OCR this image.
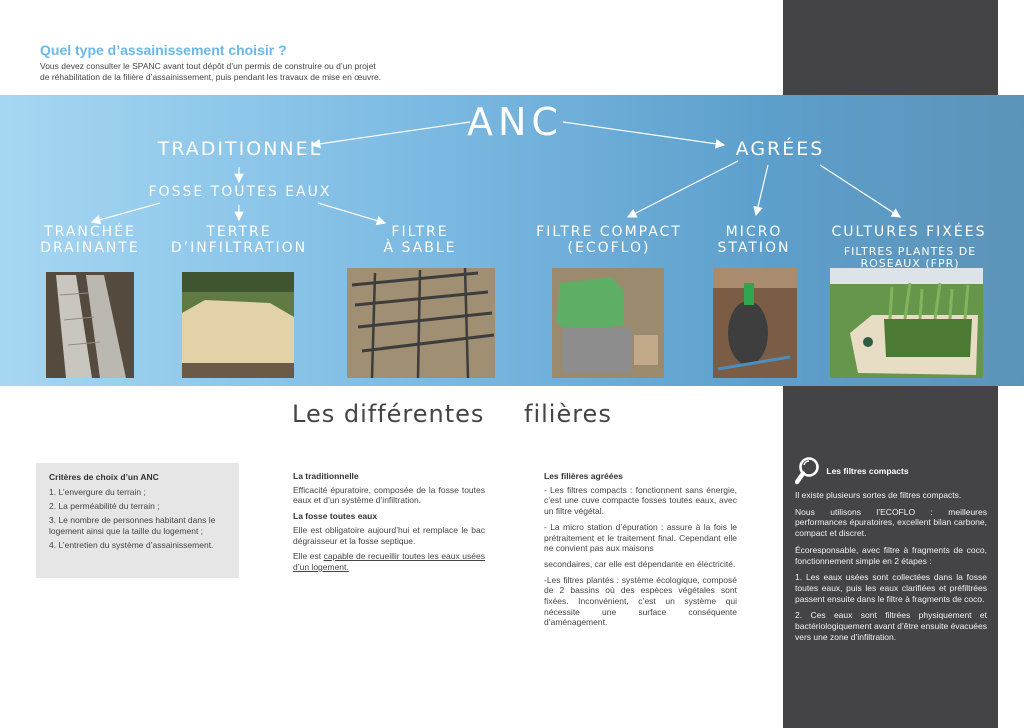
Quel type d’assainissement choisir ?
Vous devez consulter le SPANC avant tout dépôt d’un permis de construire ou d’un projet
de réhabilitation de la filière d’assainissement, puis pendant les travaux de mise en œuvre.
ANC
TRADITIONNEL	AGRÉES
FOSSE TOUTES EAUX
TRANCHÉE
DRAINANTE
TERTRE
D’INFILTRATION
FILTRE
À SABLE
FILTRE COMPACT
(ECOFLO)
MICRO STATION
CULTURES FIXÉES
FILTRES PLANTÉS DE ROSEAUX (FPR)
Les différentes filières
Critères de choix d’un ANC
1. L’envergure du terrain ;
2. La perméabilité du terrain ;
3. Le nombre de personnes habitant dans le logement ainsi que la taille du logement ;
4. L’entretien du système d’assainissement.
La traditionnelle

Efficacité épuratoire, composée de la fosse toutes eaux et d’un système d’infiltration.

La fosse toutes eaux

Elle est obligatoire aujourd’hui et remplace le bac dégraisseur et la fosse septique.

Elle est capable de recueillir toutes les eaux usées d’un logement.

Les filières agréées

- Les filtres compacts : fonctionnent sans énergie, c’est une cuve compacte fosses toutes eaux, avec un filtre végétal.

- La micro station d’épuration : assure à la fois le prétraitement et le traitement final. Cependant elle ne convient pas aux maisons

secondaires, car elle est dépendante en électricité.

-Les filtres plantés : système écologique, composé de 2 bassins où des espèces végétales sont fixées. Inconvénient, c’est un système qui nécessite une surface conséquente d’aménagement.

Les filtres compacts

Il existe plusieurs sortes de filtres compacts.

Nous utilisons l’ECOFLO : meilleures performances épuratoires, excellent bilan carbone, compact et discret.

Écoresponsable, avec filtre à fragments de coco, fonctionnement simple en 2 étapes :

1. Les eaux usées sont collectées dans la fosse toutes eaux, puis les eaux clarifiées et préfiltrées passent ensuite dans le filtre à fragments de coco.

2. Ces eaux sont filtrées physiquement et bactériologiquement avant d’être ensuite évacuées vers une zone d’infiltration.
